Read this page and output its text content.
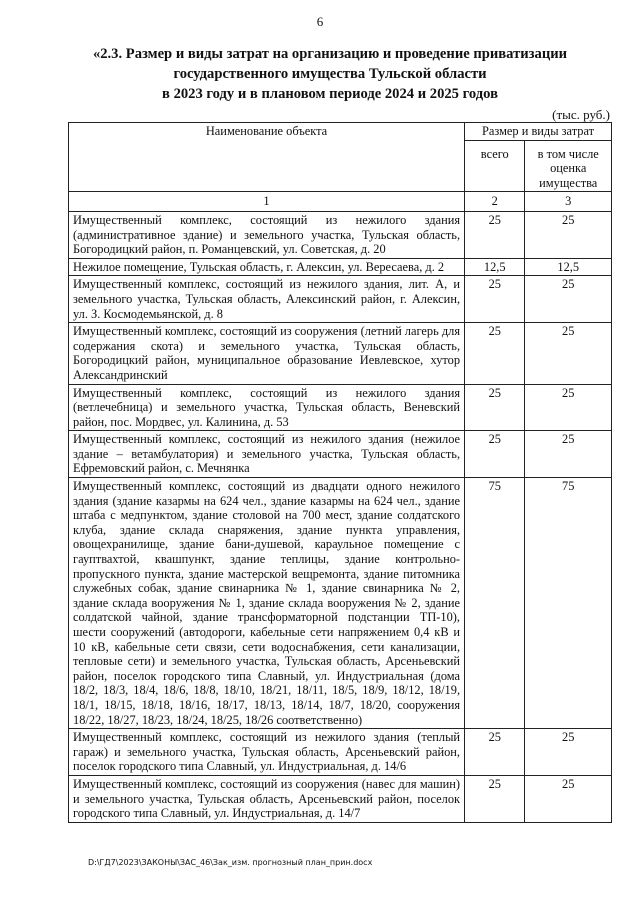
6
«2.3. Размер и виды затрат на организацию и проведение приватизации
государственного имущества Тульской области
в 2023 году и в плановом периоде 2024 и 2025 годов
(тыс. руб.)
Наименование объекта	Размер и виды затрат	
	всего	в том числе оценка имущества
1	2	3
Имущественный комплекс, состоящий из нежилого здания (административное здание) и земельного участка, Тульская область, Богородицкий район, п. Романцевский, ул. Советская, д. 20	25	25
Нежилое помещение, Тульская область, г. Алексин, ул. Вересаева, д. 2	12,5	12,5
Имущественный комплекс, состоящий из нежилого здания, лит. А, и земельного участка, Тульская область, Алексинский район, г. Алексин, ул. З. Космодемьянской, д. 8	25	25
Имущественный комплекс, состоящий из сооружения (летний лагерь для содержания скота) и земельного участка, Тульская область, Богородицкий район, муниципальное образование Иевлевское, хутор Александринский	25	25
Имущественный комплекс, состоящий из нежилого здания (ветлечебница) и земельного участка, Тульская область, Веневский район, пос. Мордвес, ул. Калинина, д. 53	25	25
Имущественный комплекс, состоящий из нежилого здания (нежилое здание – ветамбулатория) и земельного участка, Тульская область, Ефремовский район, с. Мечнянка	25	25
Имущественный комплекс, состоящий из двадцати одного нежилого здания (здание казармы на 624 чел., здание казармы на 624 чел., здание штаба с медпунктом, здание столовой на 700 мест, здание солдатского клуба, здание склада снаряжения, здание пункта управления, овощехранилище, здание бани-душевой, караульное помещение с гауптвахтой, квашпункт, здание теплицы, здание контрольно-пропускного пункта, здание мастерской вещремонта, здание питомника служебных собак, здание свинарника № 1, здание свинарника № 2, здание склада вооружения № 1, здание склада вооружения № 2, здание солдатской чайной, здание трансформаторной подстанции ТП-10), шести сооружений (автодороги, кабельные сети напряжением 0,4 кВ и 10 кВ, кабельные сети связи, сети водоснабжения, сети канализации, тепловые сети) и земельного участка, Тульская область, Арсеньевский район, поселок городского типа Славный, ул. Индустриальная (дома 18/2, 18/3, 18/4, 18/6, 18/8, 18/10, 18/21, 18/11, 18/5, 18/9, 18/12, 18/19, 18/1, 18/15, 18/18, 18/16, 18/17, 18/13, 18/14, 18/7, 18/20, сооружения 18/22, 18/27, 18/23, 18/24, 18/25, 18/26 соответственно)	75	75
Имущественный комплекс, состоящий из нежилого здания (теплый гараж) и земельного участка, Тульская область, Арсеньевский район, поселок городского типа Славный, ул. Индустриальная, д. 14/6	25	25
Имущественный комплекс, состоящий из сооружения (навес для машин) и земельного участка, Тульская область, Арсеньевский район, поселок городского типа Славный, ул. Индустриальная, д. 14/7	25	25
D:\ГД7\2023\ЗАКОНЫ\ЗАС_46\Зак_изм. прогнозный план_прин.docx
